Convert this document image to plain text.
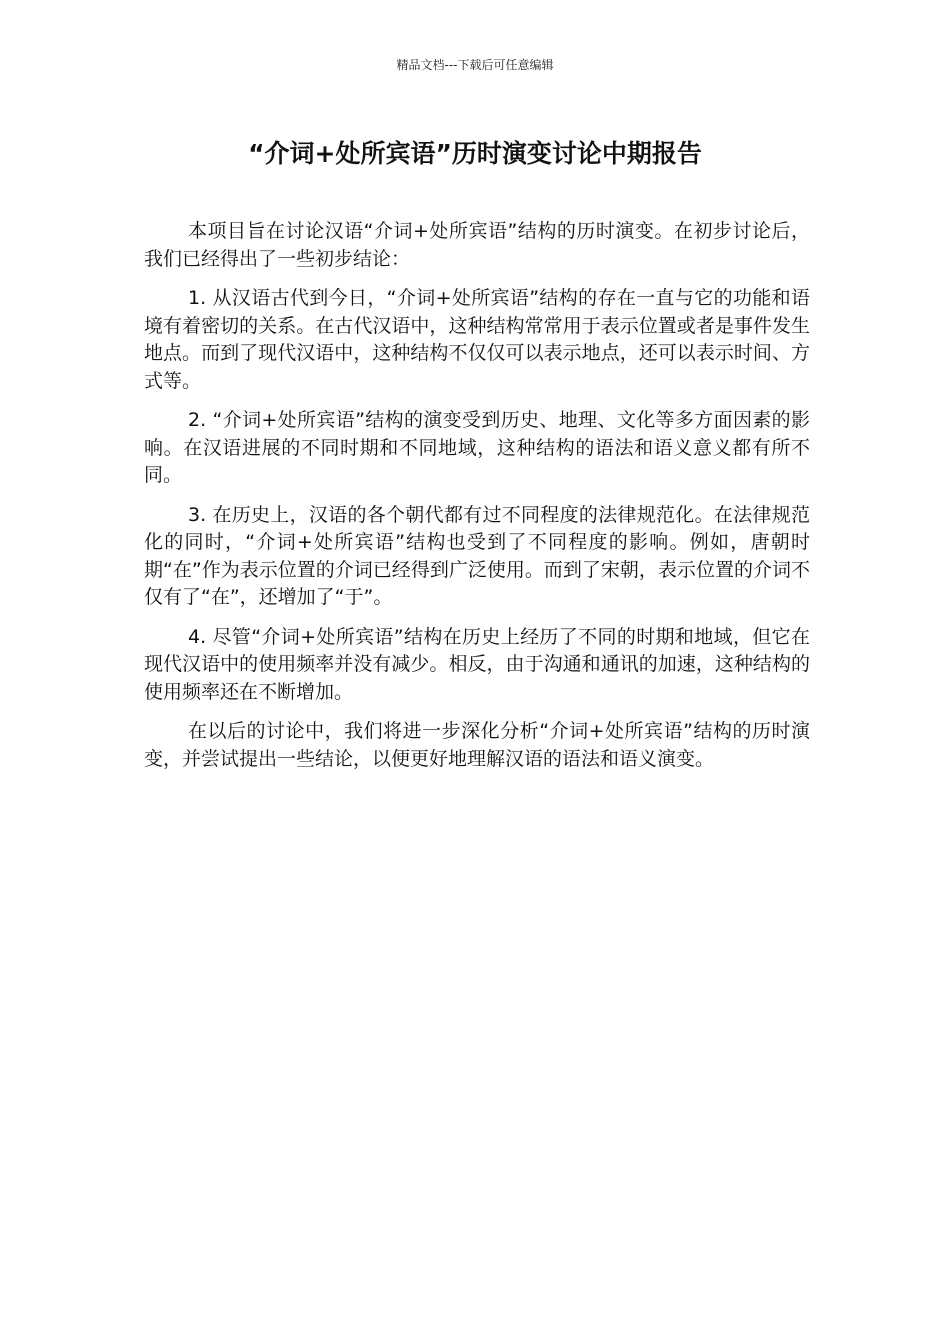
精品文档---下载后可任意编辑
“介词+处所宾语”历时演变讨论中期报告

本项目旨在讨论汉语“介词+处所宾语”结构的历时演变。在初步讨论后，我们已经得出了一些初步结论：

1. 从汉语古代到今日，“介词+处所宾语”结构的存在一直与它的功能和语境有着密切的关系。在古代汉语中，这种结构常常用于表示位置或者是事件发生地点。而到了现代汉语中，这种结构不仅仅可以表示地点，还可以表示时间、方式等。

2. “介词+处所宾语”结构的演变受到历史、地理、文化等多方面因素的影响。在汉语进展的不同时期和不同地域，这种结构的语法和语义意义都有所不同。

3. 在历史上，汉语的各个朝代都有过不同程度的法律规范化。在法律规范化的同时，“介词+处所宾语”结构也受到了不同程度的影响。例如，唐朝时期“在”作为表示位置的介词已经得到广泛使用。而到了宋朝，表示位置的介词不仅有了“在”，还增加了“于”。

4. 尽管“介词+处所宾语”结构在历史上经历了不同的时期和地域，但它在现代汉语中的使用频率并没有减少。相反，由于沟通和通讯的加速，这种结构的使用频率还在不断增加。

在以后的讨论中，我们将进一步深化分析“介词+处所宾语”结构的历时演变，并尝试提出一些结论，以便更好地理解汉语的语法和语义演变。
